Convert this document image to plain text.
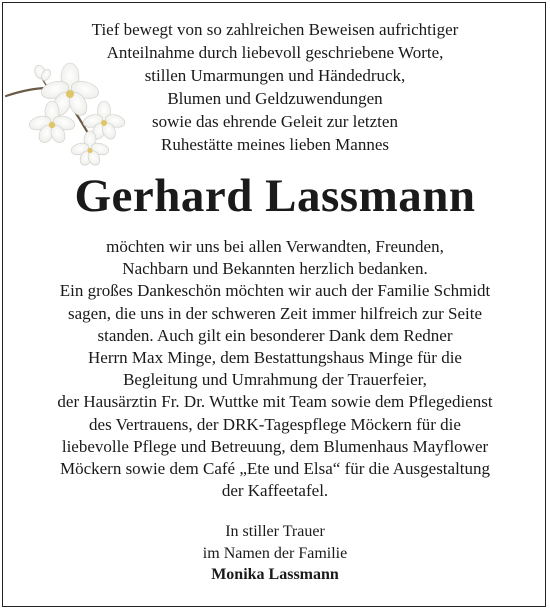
Tief bewegt von so zahlreichen Beweisen aufrichtiger
Anteilnahme durch liebevoll geschriebene Worte,
stillen Umarmungen und Händedruck,
Blumen und Geldzuwendungen
sowie das ehrende Geleit zur letzten
Ruhestätte meines lieben Mannes
Gerhard Lassmann
möchten wir uns bei allen Verwandten, Freunden,
Nachbarn und Bekannten herzlich bedanken.
Ein großes Dankeschön möchten wir auch der Familie Schmidt
sagen, die uns in der schweren Zeit immer hilfreich zur Seite
standen. Auch gilt ein besonderer Dank dem Redner
Herrn Max Minge, dem Bestattungshaus Minge für die
Begleitung und Umrahmung der Trauerfeier,
der Hausärztin Fr. Dr. Wuttke mit Team sowie dem Pflegedienst
des Vertrauens, der DRK-Tagespflege Möckern für die
liebevolle Pflege und Betreuung, dem Blumenhaus Mayflower
Möckern sowie dem Café „Ete und Elsa“ für die Ausgestaltung
der Kaffeetafel.
In stiller Trauer
im Namen der Familie
Monika Lassmann
